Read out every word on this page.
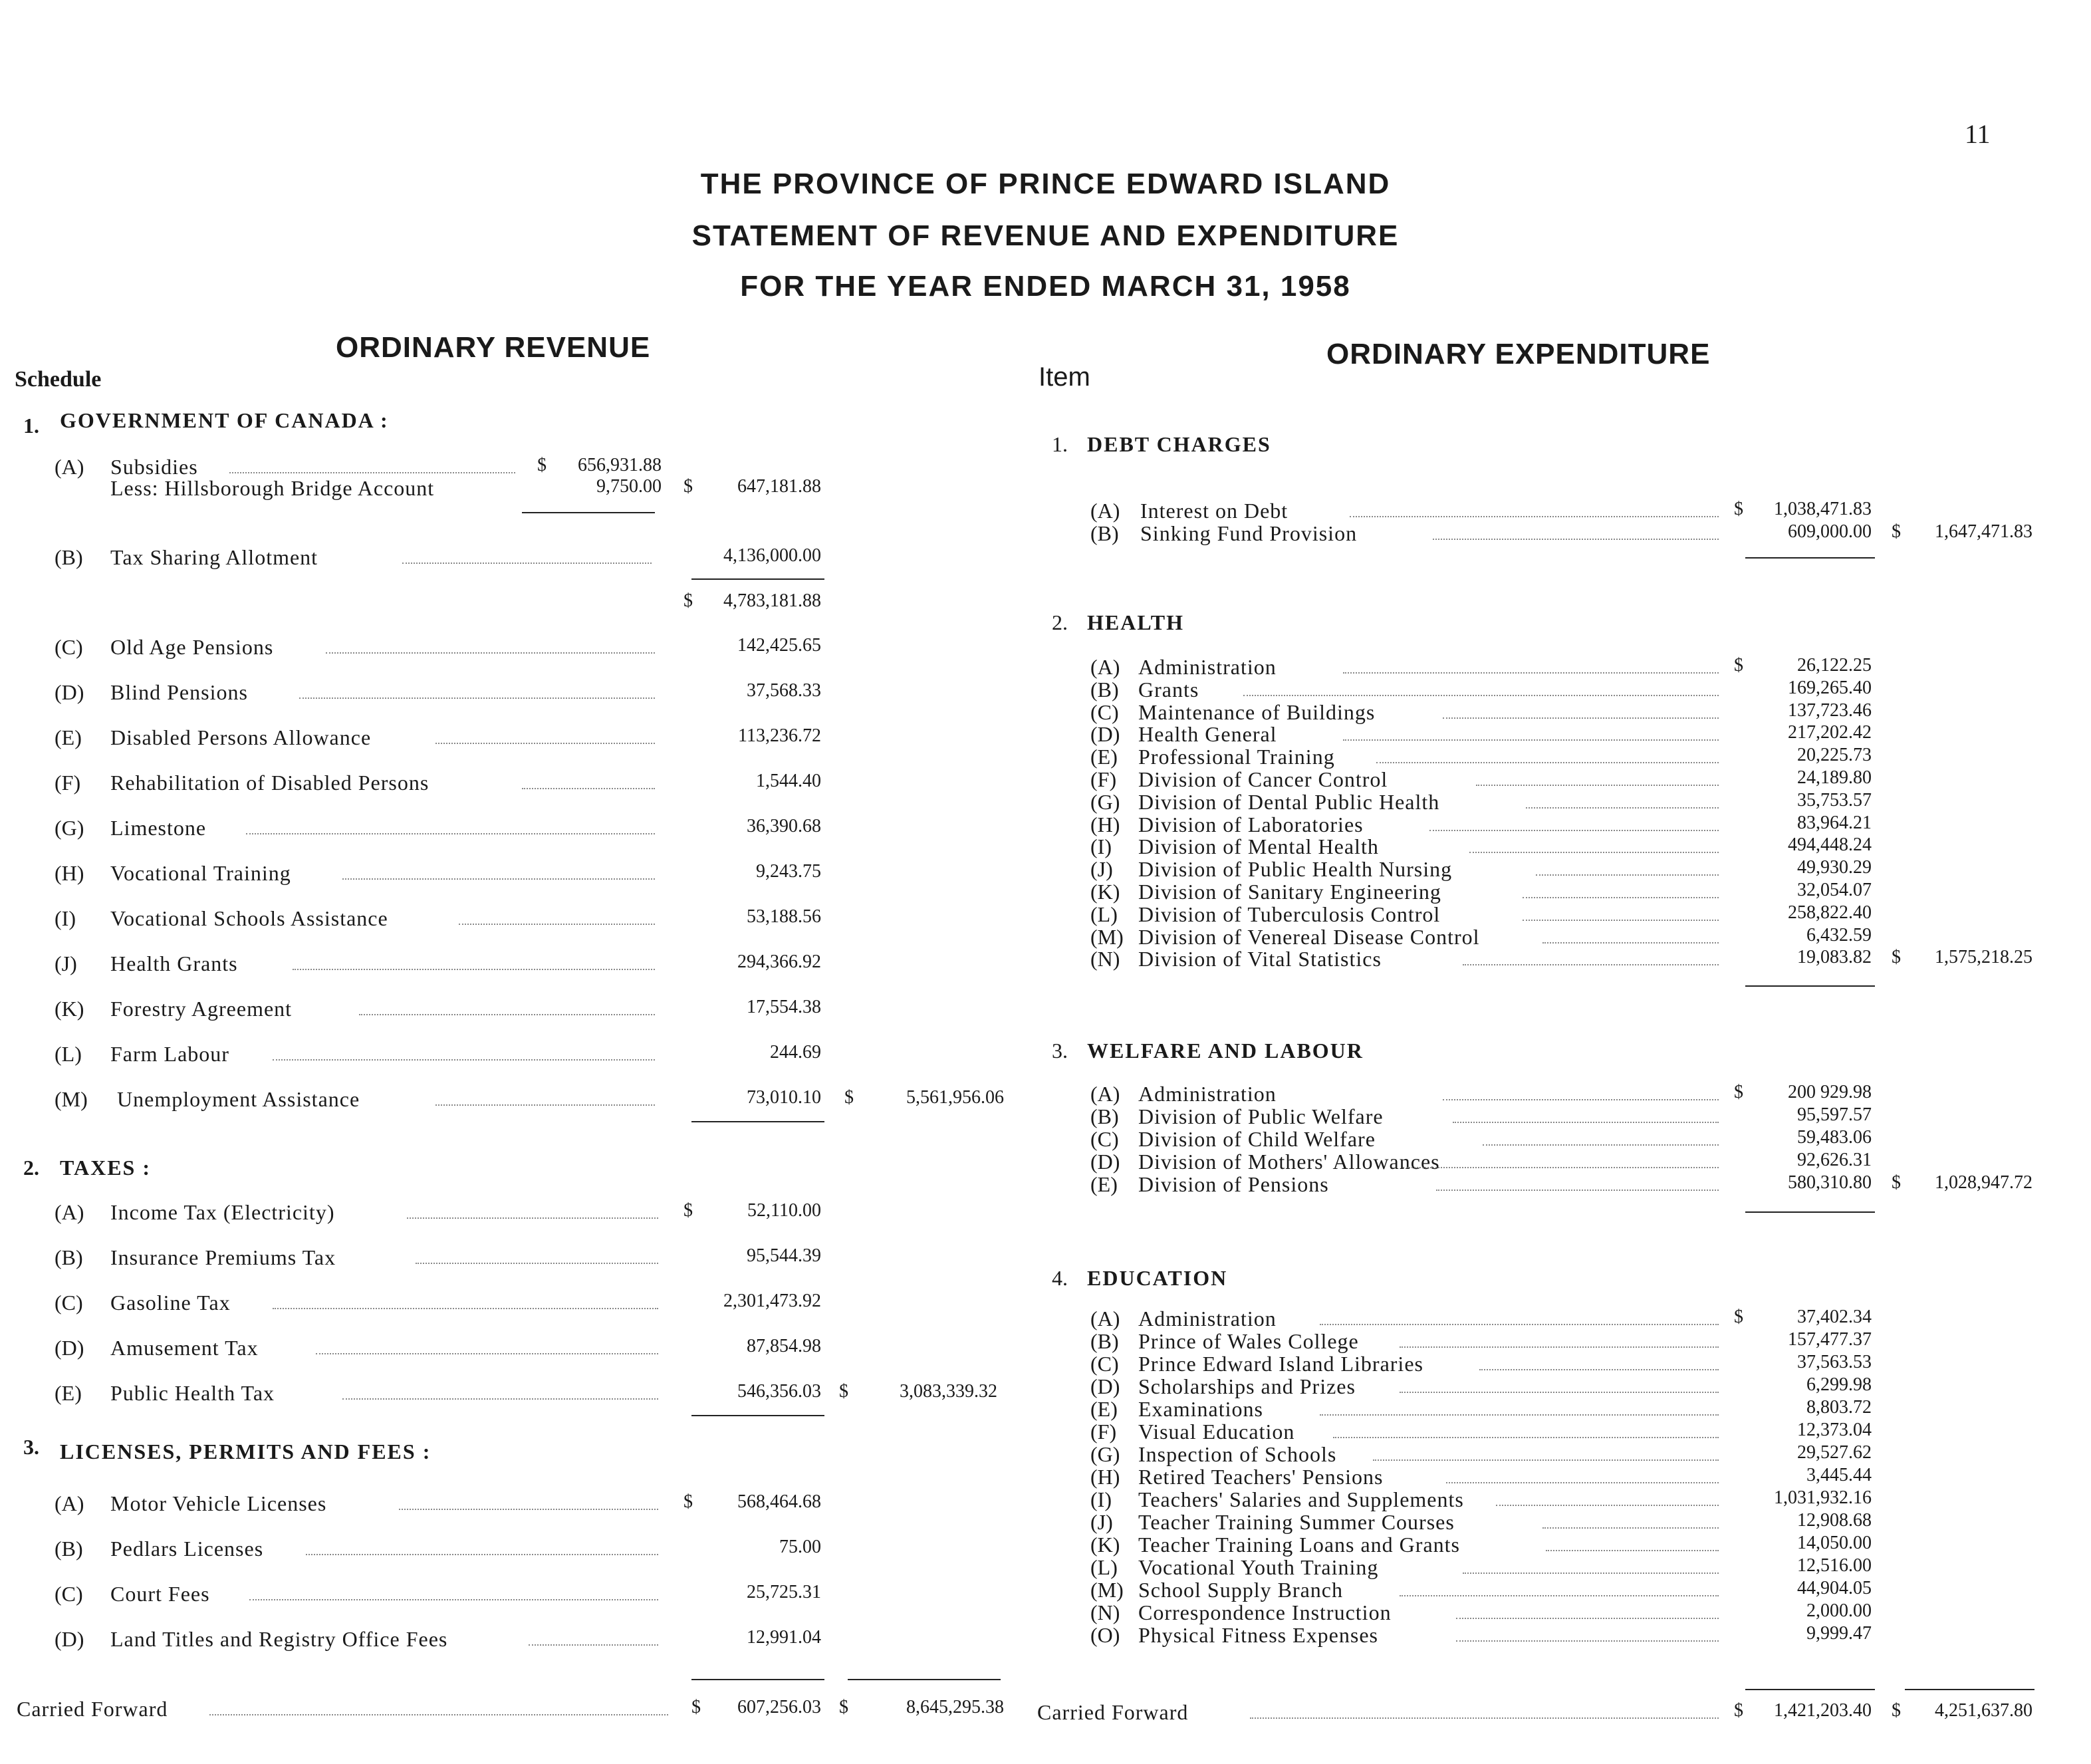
11
THE PROVINCE OF PRINCE EDWARD ISLAND
STATEMENT OF REVENUE AND EXPENDITURE
FOR THE YEAR ENDED MARCH 31, 1958
ORDINARY REVENUE	ORDINARY EXPENDITURE
Schedule	Item
1. GOVERNMENT OF CANADA :
(A) Subsidies	$	656,931.88
Less: Hillsborough Bridge Account	9,750.00 $	647,181.88
(B) Tax Sharing Allotment	4,136,000.00
$	4,783,181.88
(C) Old Age Pensions	142,425.65
(D) Blind Pensions	37,568.33
(E) Disabled Persons Allowance	113,236.72
(F) Rehabilitation of Disabled Persons	1,544.40
(G) Limestone	36,390.68
(H) Vocational Training	9,243.75
(I) Vocational Schools Assistance	53,188.56
(J) Health Grants	294,366.92
(K) Forestry Agreement	17,554.38
(L) Farm Labour	244.69
(M) Unemployment Assistance	73,010.10 $	5,561,956.06
2. TAXES :
(A) Income Tax (Electricity)	$	52,110.00
(B) Insurance Premiums Tax	95,544.39
(C) Gasoline Tax	2,301,473.92
(D) Amusement Tax	87,854.98
(E) Public Health Tax	546,356.03 $	3,083,339.32
3. LICENSES, PERMITS AND FEES :
(A) Motor Vehicle Licenses	$	568,464.68
(B) Pedlars Licenses	75.00
(C) Court Fees	25,725.31
(D) Land Titles and Registry Office Fees	12,991.04
Carried Forward	$	607,256.03 $	8,645,295.38
1. DEBT CHARGES
(A) Interest on Debt	$	1,038,471.83
(B) Sinking Fund Provision	609,000.00 $	1,647,471.83
2. HEALTH
(A) Administration	$	26,122.25
(B) Grants	169,265.40
(C) Maintenance of Buildings	137,723.46
(D) Health General	217,202.42
(E) Professional Training	20,225.73
(F) Division of Cancer Control	24,189.80
(G) Division of Dental Public Health	35,753.57
(H) Division of Laboratories	83,964.21
(I) Division of Mental Health	494,448.24
(J) Division of Public Health Nursing	49,930.29
(K) Division of Sanitary Engineering	32,054.07
(L) Division of Tuberculosis Control	258,822.40
(M) Division of Venereal Disease Control	6,432.59
(N) Division of Vital Statistics	19,083.82 $	1,575,218.25
3. WELFARE AND LABOUR
(A) Administration	$	200 929.98
(B) Division of Public Welfare	95,597.57
(C) Division of Child Welfare	59,483.06
(D) Division of Mothers' Allowances	92,626.31
(E) Division of Pensions	580,310.80 $	1,028,947.72
4. EDUCATION
(A) Administration	$	37,402.34
(B) Prince of Wales College	157,477.37
(C) Prince Edward Island Libraries	37,563.53
(D) Scholarships and Prizes	6,299.98
(E) Examinations	8,803.72
(F) Visual Education	12,373.04
(G) Inspection of Schools	29,527.62
(H) Retired Teachers' Pensions	3,445.44
(I) Teachers' Salaries and Supplements	1,031,932.16
(J) Teacher Training Summer Courses	12,908.68
(K) Teacher Training Loans and Grants	14,050.00
(L) Vocational Youth Training	12,516.00
(M) School Supply Branch	44,904.05
(N) Correspondence Instruction	2,000.00
(O) Physical Fitness Expenses	9,999.47
Carried Forward	$	1,421,203.40 $	4,251,637.80
